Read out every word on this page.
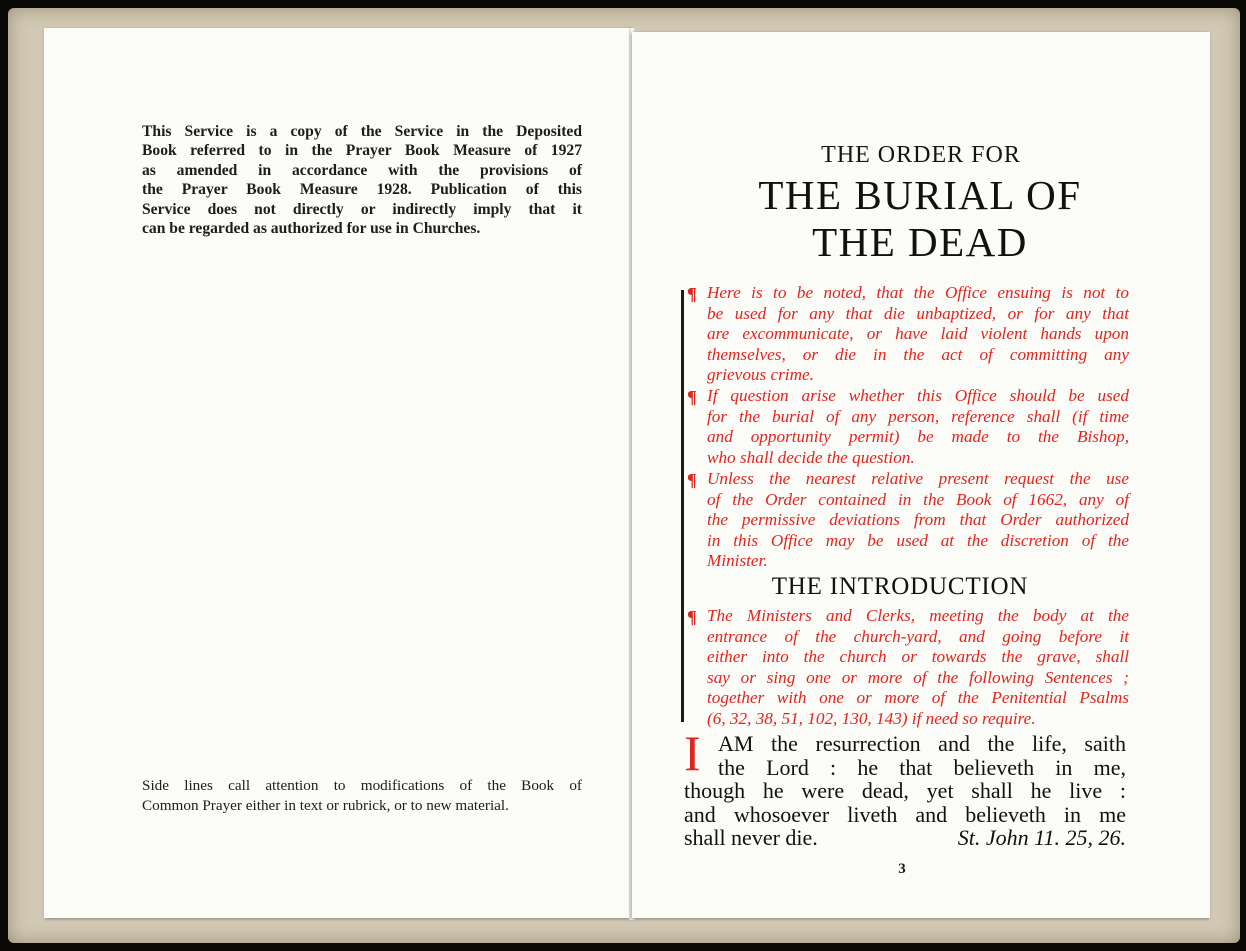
This Service is a copy of the Service in the Deposited
Book referred to in the Prayer Book Measure of 1927
as amended in accordance with the provisions of
the Prayer Book Measure 1928. Publication of this
Service does not directly or indirectly imply that it
can be regarded as authorized for use in Churches.
Side lines call attention to modifications of the Book of
Common Prayer either in text or rubrick, or to new material.
THE ORDER FOR
THE BURIAL OF
THE DEAD
¶ Here is to be noted, that the Office ensuing is not to
be used for any that die unbaptized, or for any that
are excommunicate, or have laid violent hands upon
themselves, or die in the act of committing any
grievous crime.
¶ If question arise whether this Office should be used
for the burial of any person, reference shall (if time
and opportunity permit) be made to the Bishop,
who shall decide the question.
¶ Unless the nearest relative present request the use
of the Order contained in the Book of 1662, any of
the permissive deviations from that Order authorized
in this Office may be used at the discretion of the
Minister.
THE INTRODUCTION
¶ The Ministers and Clerks, meeting the body at the
entrance of the church-yard, and going before it
either into the church or towards the grave, shall
say or sing one or more of the following Sentences ;
together with one or more of the Penitential Psalms
(6, 32, 38, 51, 102, 130, 143) if need so require.
I AM the resurrection and the life, saith
the Lord : he that believeth in me,
though he were dead, yet shall he live :
and whosoever liveth and believeth in me
shall never die.	St. John 11. 25, 26.
3
